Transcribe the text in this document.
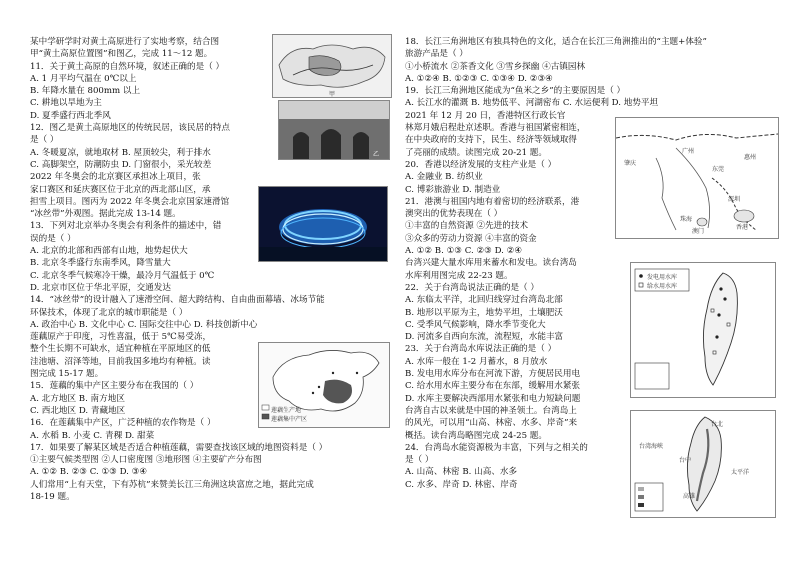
某中学研学时对黄土高原进行了实地考察，结合图

甲“黄土高原位置图”和图乙，完成 11～12 题。

11．关于黄土高原的自然环境，叙述正确的是（ ）

A. 1 月平均气温在 0℃以上

B. 年降水量在 800mm 以上

C. 耕地以旱地为主

D. 夏季盛行西北季风

12．图乙是黄土高原地区的传统民居，该民居的特点

是（ ）

A. 冬暖夏凉，就地取材 B. 屋顶较尖，利于排水

C. 高脚架空，防潮防虫 D. 门窗很小，采光较差

2022 年冬奥会的北京赛区承担冰上项目，张

家口赛区和延庆赛区位于北京的西北部山区，承

担雪上项目。图丙为 2022 年冬奥会北京国家速滑馆

“冰丝带”外观图。据此完成 13-14 题。

13．下列对北京举办冬奥会有利条件的描述中，错

误的是（ ）

A. 北京的北部和西部有山地，地势起伏大

B. 北京冬季盛行东南季风，降雪量大

C. 北京冬季气候寒冷干燥，最冷月气温低于 0℃

D. 北京市区位于华北平原，交通发达

14．“冰丝带”的设计融入了速滑空间、超大跨结构、自由曲面幕墙、冰场节能

环保技术，体现了北京的城市职能是（ ）

A. 政治中心 B. 文化中心 C. 国际交往中心 D. 科技创新中心

莲藕原产于印度，习性喜温，低于 5℃易受冻，

整个生长期不可缺水，适宜种植在平原地区的低

洼池塘、沼泽等地，目前我国多地均有种植。读

图完成 15-17 题。

15．莲藕的集中产区主要分布在我国的（ ）

A. 北方地区 B. 南方地区

C. 西北地区 D. 青藏地区

16．在莲藕集中产区，广泛种植的农作物是（ ）

A. 水稻 B. 小麦 C. 青稞 D. 甜菜

17．如果要了解某区域是否适合种植莲藕，需要查找该区域的地图资料是（ ）

①主要气候类型图 ②人口密度图 ③地形图 ④主要矿产分布图

A. ①② B. ②③ C. ①③ D. ③④

人们常用“上有天堂，下有苏杭”来赞美长江三角洲这块富庶之地，据此完成

18-19 题。

18．长江三角洲地区有独具特色的文化，适合在长江三角洲推出的“主题+体验”

旅游产品是（ ）

①小桥流水 ②茶香文化 ③雪乡探幽 ④古镇园林

A. ①②④ B. ①②③ C. ①③④ D. ②③④

19．长江三角洲地区能成为“鱼米之乡”的主要原因是（ ）

A. 长江水的灌溉 B. 地势低平、河湖密布 C. 水运便利 D. 地势平坦

2021 年 12 月 20 日，香港特区行政长官

林郑月娥启程赴京述职。香港与祖国紧密相连，

在中央政府的支持下，民生、经济等领域取得

了亮丽的成绩。读图完成 20-21 题。

20．香港以经济发展的支柱产业是（ ）

A. 金融业 B. 纺织业

C. 博彩旅游业 D. 制造业

21．港澳与祖国内地有着密切的经济联系，港

澳突出的优势表现在（ ）

①丰富的自然资源 ②先进的技术

③众多的劳动力资源 ④丰富的资金

A. ①② B. ①③ C. ②③ D. ②④

台湾兴建大量水库用来蓄水和发电。读台湾岛

水库利用图完成 22-23 题。

22．关于台湾岛说法正确的是（ ）

A. 东临太平洋，北回归线穿过台湾岛北部

B. 地形以平原为主，地势平坦，土壤肥沃

C. 受季风气候影响，降水季节变化大

D. 河流多自西向东流，流程短，水能丰富

23．关于台湾岛水库说法正确的是（ ）

A. 水库一般在 1-2 月蓄水，8 月放水

B. 发电用水库分布在河流下游，方便居民用电

C. 给水用水库主要分布在东部，缓解用水紧张

D. 水库主要解决西部用水紧张和电力短缺问题

台湾自古以来就是中国的神圣领土。台湾岛上

的风光，可以用“山高、林密、水多、岸奇”来

概括。读台湾岛略图完成 24-25 题。

24．台湾岛水能资源极为丰富，下列与之相关的

是（ ）

A. 山高、林密 B. 山高、水多

C. 水多、岸奇 D. 林密、岸奇

甲
乙
莲藕生产地
莲藕集中产区
广州
东莞
惠州
肇庆
深圳
珠海
澳门
香港
发电用水库
给水用水库
台北
台中
高雄
台湾海峡
太平洋
